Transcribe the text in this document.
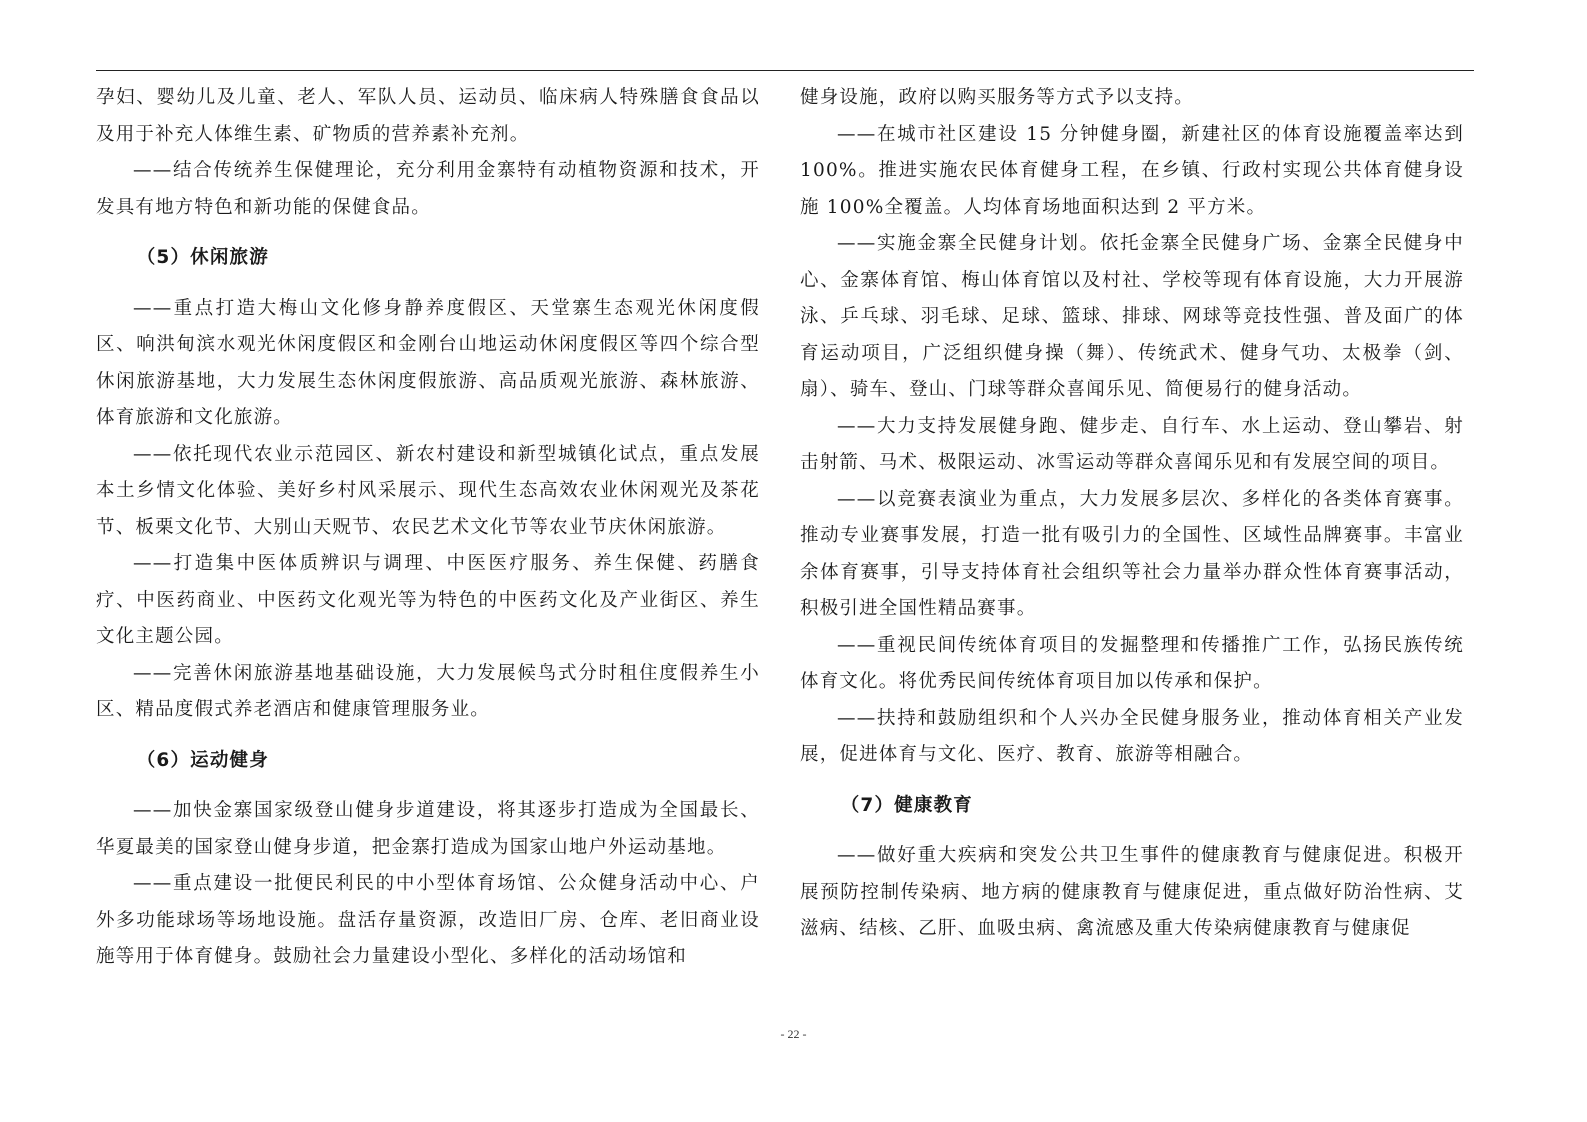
孕妇、婴幼儿及儿童、老人、军队人员、运动员、临床病人特殊膳食食品以及用于补充人体维生素、矿物质的营养素补充剂。

——结合传统养生保健理论，充分利用金寨特有动植物资源和技术，开发具有地方特色和新功能的保健食品。

（5）休闲旅游

——重点打造大梅山文化修身静养度假区、天堂寨生态观光休闲度假区、响洪甸滨水观光休闲度假区和金刚台山地运动休闲度假区等四个综合型休闲旅游基地，大力发展生态休闲度假旅游、高品质观光旅游、森林旅游、体育旅游和文化旅游。

——依托现代农业示范园区、新农村建设和新型城镇化试点，重点发展本土乡情文化体验、美好乡村风采展示、现代生态高效农业休闲观光及茶花节、板栗文化节、大别山天贶节、农民艺术文化节等农业节庆休闲旅游。

——打造集中医体质辨识与调理、中医医疗服务、养生保健、药膳食疗、中医药商业、中医药文化观光等为特色的中医药文化及产业街区、养生文化主题公园。

——完善休闲旅游基地基础设施，大力发展候鸟式分时租住度假养生小区、精品度假式养老酒店和健康管理服务业。

（6）运动健身

——加快金寨国家级登山健身步道建设，将其逐步打造成为全国最长、华夏最美的国家登山健身步道，把金寨打造成为国家山地户外运动基地。

——重点建设一批便民利民的中小型体育场馆、公众健身活动中心、户外多功能球场等场地设施。盘活存量资源，改造旧厂房、仓库、老旧商业设施等用于体育健身。鼓励社会力量建设小型化、多样化的活动场馆和

健身设施，政府以购买服务等方式予以支持。

——在城市社区建设 15 分钟健身圈，新建社区的体育设施覆盖率达到 100%。推进实施农民体育健身工程，在乡镇、行政村实现公共体育健身设施 100%全覆盖。人均体育场地面积达到 2 平方米。

——实施金寨全民健身计划。依托金寨全民健身广场、金寨全民健身中心、金寨体育馆、梅山体育馆以及村社、学校等现有体育设施，大力开展游泳、乒乓球、羽毛球、足球、篮球、排球、网球等竞技性强、普及面广的体育运动项目，广泛组织健身操（舞）、传统武术、健身气功、太极拳（剑、扇）、骑车、登山、门球等群众喜闻乐见、简便易行的健身活动。

——大力支持发展健身跑、健步走、自行车、水上运动、登山攀岩、射击射箭、马术、极限运动、冰雪运动等群众喜闻乐见和有发展空间的项目。

——以竞赛表演业为重点，大力发展多层次、多样化的各类体育赛事。推动专业赛事发展，打造一批有吸引力的全国性、区域性品牌赛事。丰富业余体育赛事，引导支持体育社会组织等社会力量举办群众性体育赛事活动，积极引进全国性精品赛事。

——重视民间传统体育项目的发掘整理和传播推广工作，弘扬民族传统体育文化。将优秀民间传统体育项目加以传承和保护。

——扶持和鼓励组织和个人兴办全民健身服务业，推动体育相关产业发展，促进体育与文化、医疗、教育、旅游等相融合。

（7）健康教育

——做好重大疾病和突发公共卫生事件的健康教育与健康促进。积极开展预防控制传染病、地方病的健康教育与健康促进，重点做好防治性病、艾滋病、结核、乙肝、血吸虫病、禽流感及重大传染病健康教育与健康促

- 22 -
